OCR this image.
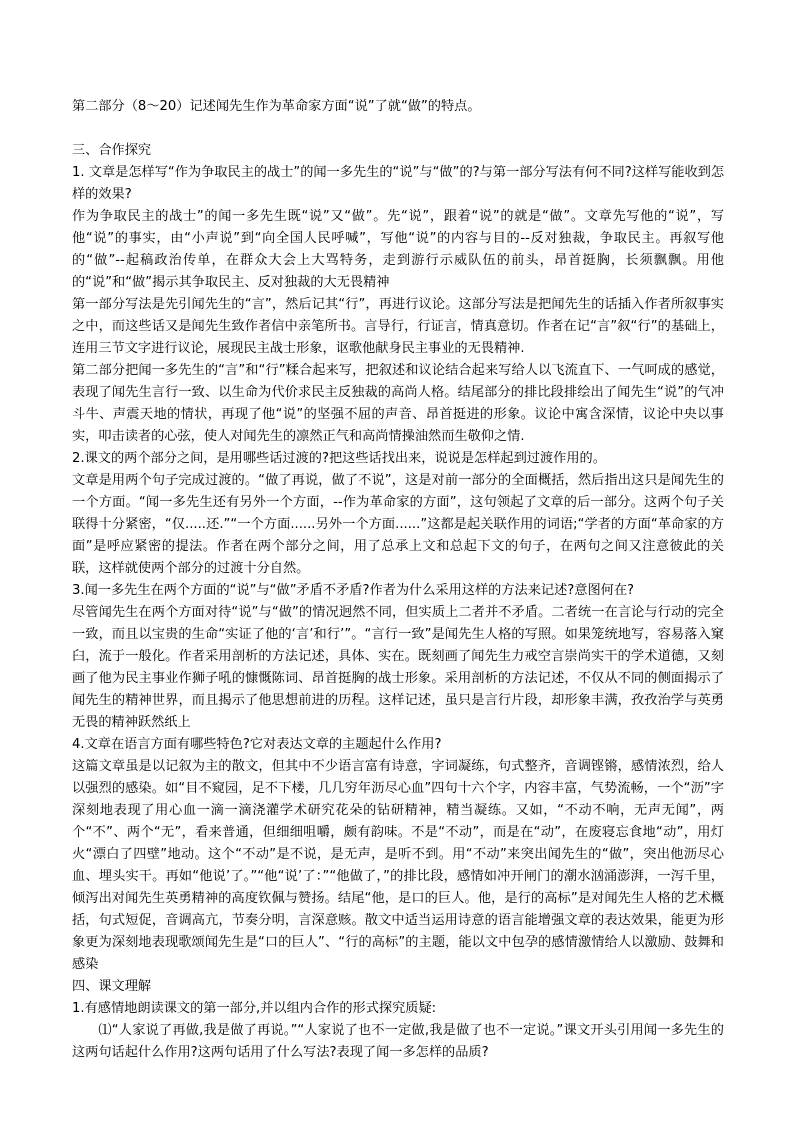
第二部分（8～20）记述闻先生作为革命家方面“说”了就“做”的特点。

三、合作探究

1. 文章是怎样写“作为争取民主的战士”的闻一多先生的“说”与“做”的?与第一部分写法有何不同?这样写能收到怎样的效果?

作为争取民主的战士”的闻一多先生既“说”又“做”。先“说”，跟着“说”的就是“做”。文章先写他的“说”，写他“说”的事实，由“小声说”到“向全国人民呼喊”，写他“说”的内容与目的--反对独裁，争取民主。再叙写他的“做”--起稿政治传单，在群众大会上大骂特务，走到游行示威队伍的前头，昂首挺胸，长须飘飘。用他的“说”和“做”揭示其争取民主、反对独裁的大无畏精神

第一部分写法是先引闻先生的“言”，然后记其“行”，再进行议论。这部分写法是把闻先生的话插入作者所叙事实之中，而这些话又是闻先生致作者信中亲笔所书。言导行，行证言，情真意切。作者在记“言”叙“行”的基础上，连用三节文字进行议论，展现民主战士形象，讴歌他献身民主事业的无畏精神.

第二部分把闻一多先生的“言”和“行”糅合起来写，把叙述和议论结合起来写给人以飞流直下、一气呵成的感觉，表现了闻先生言行一致、以生命为代价求民主反独裁的高尚人格。结尾部分的排比段排绘出了闻先生“说”的气冲斗牛、声震天地的情状，再现了他“说”的坚强不屈的声音、昂首挺进的形象。议论中寓含深情，议论中央以事实，叩击读者的心弦，使人对闻先生的凛然正气和高尚情操油然而生敬仰之情.

2.课文的两个部分之间，是用哪些话过渡的?把这些话找出来，说说是怎样起到过渡作用的。

文章是用两个句子完成过渡的。“做了再说，做了不说”，这是对前一部分的全面概括，然后指出这只是闻先生的一个方面。“闻一多先生还有另外一个方面，--作为革命家的方面”，这句领起了文章的后一部分。这两个句子关联得十分紧密，“仅.....还.”“一个方面......另外一个方面......”这都是起关联作用的词语;“学者的方面“革命家的方面”是呼应紧密的提法。作者在两个部分之间，用了总承上文和总起下文的句子，在两句之间又注意彼此的关联，这样就使两个部分的过渡十分自然。

3.闻一多先生在两个方面的“说”与“做”矛盾不矛盾?作者为什么采用这样的方法来记述?意图何在?

尽管闻先生在两个方面对待“说”与“做”的情况迥然不同，但实质上二者并不矛盾。二者统一在言论与行动的完全一致，而且以宝贵的生命“实证了他的‘言’和行’”。“言行一致”是闻先生人格的写照。如果笼统地写，容易落入窠臼，流于一般化。作者采用剖析的方法记述，具体、实在。既刻画了闻先生力戒空言崇尚实干的学术道德，又刻画了他为民主事业作狮子吼的慷慨陈词、昂首挺胸的战士形象。采用剖析的方法记述，不仅从不同的侧面揭示了闻先生的精神世界，而且揭示了他思想前进的历程。这样记述，虽只是言行片段，却形象丰满，孜孜治学与英勇无畏的精神跃然纸上

4.文章在语言方面有哪些特色?它对表达文章的主题起什么作用?

这篇文章虽是以记叙为主的散文，但其中不少语言富有诗意，字词凝练，句式整齐，音调铿锵，感情浓烈，给人以强烈的感染。如“目不窥园，足不下楼，几几穷年沥尽心血”四句十六个字，内容丰富，气势流畅，一个“沥”字深刻地表现了用心血一滴一滴浇灌学术研究花朵的钻研精神，精当凝练。又如，“不动不响，无声无闻”，两个“不”、两个“无”，看来普通，但细细咀嚼，颇有韵味。不是“不动”，而是在“动”，在废寝忘食地“动”，用灯火“漂白了四壁”地动。这个“不动”是不说，是无声，是听不到。用“不动”来突出闻先生的“做”，突出他沥尽心血、埋头实干。再如“他说’了。”“他“说’了：”“他做了，”的排比段，感情如冲开闸门的潮水汹涌澎湃，一泻千里，倾泻出对闻先生英勇精神的高度钦佩与赞扬。结尾“他，是口的巨人。他，是行的高标”是对闻先生人格的艺术概括，句式短促，音调高亢，节奏分明，言深意赅。散文中适当运用诗意的语言能增强文章的表达效果，能更为形象更为深刻地表现歌颂闻先生是“口的巨人”、“行的高标”的主题，能以文中包孕的感情激情给人以激励、鼓舞和感染

四、课文理解

1.有感情地朗读课文的第一部分,并以组内合作的形式探究质疑:

⑴“人家说了再做,我是做了再说。”“人家说了也不一定做,我是做了也不一定说。”课文开头引用闻一多先生的这两句话起什么作用?这两句话用了什么写法?表现了闻一多怎样的品质?
